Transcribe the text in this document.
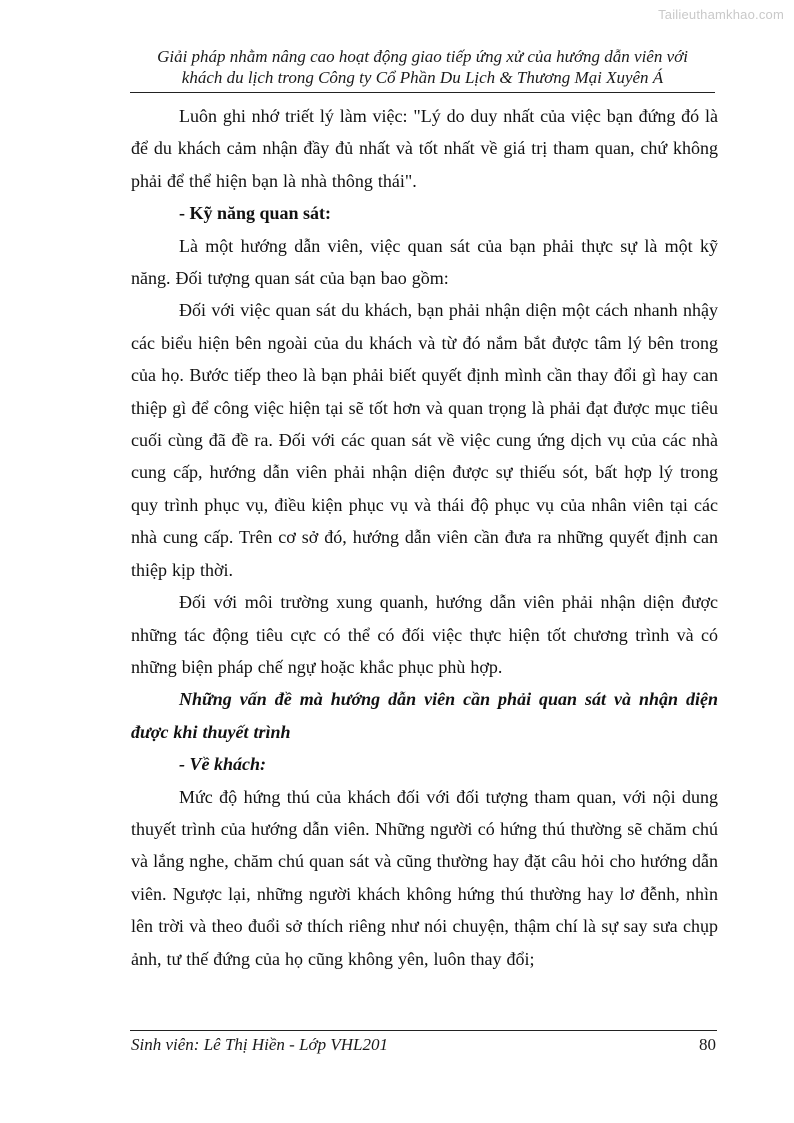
Tailieuthamkhao.com
Giải pháp nhằm nâng cao hoạt động giao tiếp ứng xử của hướng dẫn viên với
khách du lịch trong Công ty Cổ Phần Du Lịch & Thương Mại Xuyên Á

Luôn ghi nhớ triết lý làm việc: "Lý do duy nhất của việc bạn đứng đó là để du khách cảm nhận đầy đủ nhất và tốt nhất về giá trị tham quan, chứ không phải để thể hiện bạn là nhà thông thái".

- Kỹ năng quan sát:

Là một hướng dẫn viên, việc quan sát của bạn phải thực sự là một kỹ năng. Đối tượng quan sát của bạn bao gồm:

Đối với việc quan sát du khách, bạn phải nhận diện một cách nhanh nhậy các biểu hiện bên ngoài của du khách và từ đó nắm bắt được tâm lý bên trong của họ. Bước tiếp theo là bạn phải biết quyết định mình cần thay đổi gì hay can thiệp gì để công việc hiện tại sẽ tốt hơn và quan trọng là phải đạt được mục tiêu cuối cùng đã đề ra. Đối với các quan sát về việc cung ứng dịch vụ của các nhà cung cấp, hướng dẫn viên phải nhận diện được sự thiếu sót, bất hợp lý trong quy trình phục vụ, điều kiện phục vụ và thái độ phục vụ của nhân viên tại các nhà cung cấp. Trên cơ sở đó, hướng dẫn viên cần đưa ra những quyết định can thiệp kịp thời.

Đối với môi trường xung quanh, hướng dẫn viên phải nhận diện được những tác động tiêu cực có thể có đối việc thực hiện tốt chương trình và có những biện pháp chế ngự hoặc khắc phục phù hợp.

Những vấn đề mà hướng dẫn viên cần phải quan sát và nhận diện được khi thuyết trình

- Về khách:

Mức độ hứng thú của khách đối với đối tượng tham quan, với nội dung thuyết trình của hướng dẫn viên. Những người có hứng thú thường sẽ chăm chú và lắng nghe, chăm chú quan sát và cũng thường hay đặt câu hỏi cho hướng dẫn viên. Ngược lại, những người khách không hứng thú thường hay lơ đễnh, nhìn lên trời và theo đuổi sở thích riêng như nói chuyện, thậm chí là sự say sưa chụp ảnh, tư thế đứng của họ cũng không yên, luôn thay đổi;

Sinh viên: Lê Thị Hiền - Lớp VHL201	80
